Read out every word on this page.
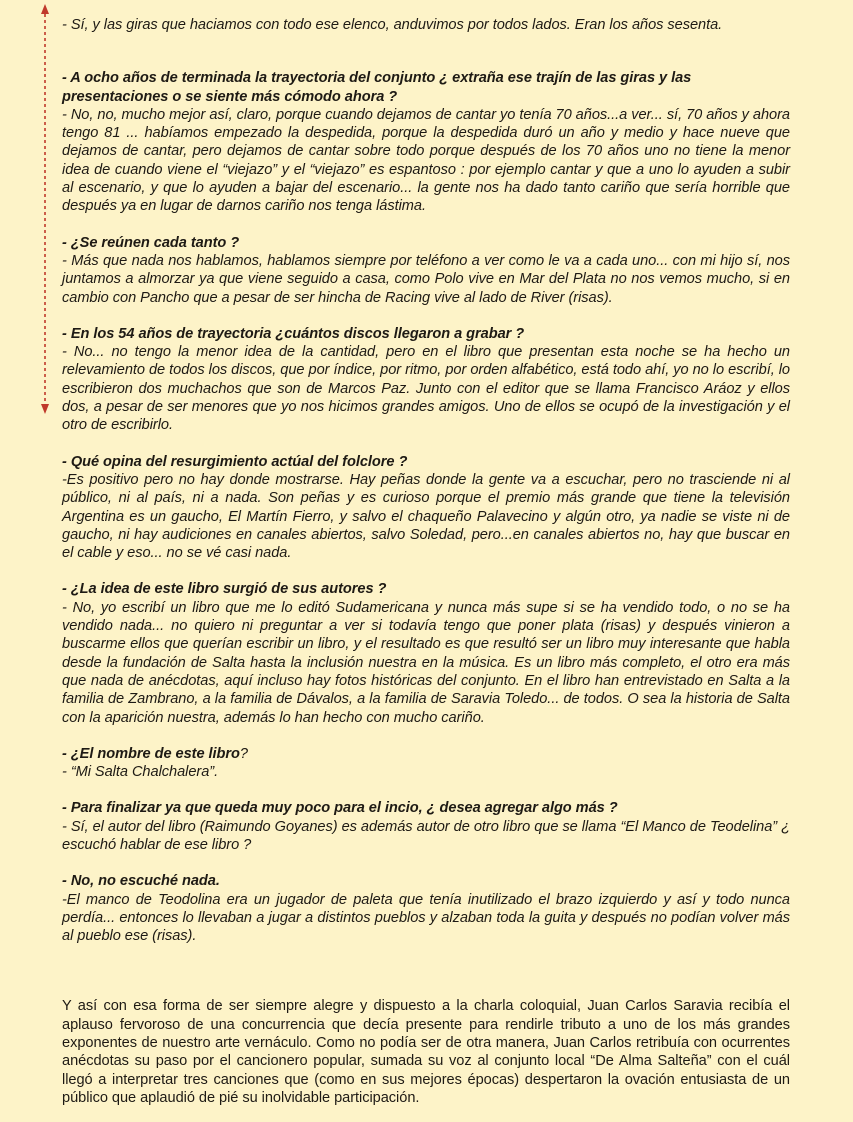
- Sí, y las giras que haciamos con todo ese elenco, anduvimos por todos lados. Eran los años sesenta.

- A ocho años de terminada la trayectoria del conjunto ¿ extraña ese trajín de las giras y las presentaciones o se siente más cómodo ahora ?

- No, no, mucho mejor así, claro, porque cuando dejamos de cantar yo tenía 70 años...a ver... sí, 70 años y ahora tengo 81 ... habíamos empezado la despedida, porque la despedida duró un año y medio y hace nueve que dejamos de cantar, pero dejamos de cantar sobre todo porque después de los 70 años uno no tiene la menor idea de cuando viene el “viejazo” y el “viejazo” es espantoso : por ejemplo cantar y que a uno lo ayuden a subir al escenario, y que lo ayuden a bajar del escenario... la gente nos ha dado tanto cariño que sería horrible que después ya en lugar de darnos cariño nos tenga lástima.

- ¿Se reúnen cada tanto ?

- Más que nada nos hablamos, hablamos siempre por teléfono a ver como le va a cada uno... con mi hijo sí, nos juntamos a almorzar ya que viene seguido a casa, como Polo vive en Mar del Plata no nos vemos mucho, si en cambio con Pancho que a pesar de ser hincha de Racing vive al lado de River (risas).

- En los 54 años de trayectoria ¿cuántos discos llegaron a grabar ?

- No... no tengo la menor idea de la cantidad, pero en el libro que presentan esta noche se ha hecho un relevamiento de todos los discos, que por índice, por ritmo, por orden alfabético, está todo ahí, yo no lo escribí, lo escribieron dos muchachos que son de Marcos Paz. Junto con el editor que se llama Francisco Aráoz y ellos dos, a pesar de ser menores que yo nos hicimos grandes amigos. Uno de ellos se ocupó de la investigación y el otro de escribirlo.

- Qué opina del resurgimiento actúal del folclore ?

-Es positivo pero no hay donde mostrarse. Hay peñas donde la gente va a escuchar, pero no trasciende ni al público, ni al país, ni a nada. Son peñas y es curioso porque el premio más grande que tiene la televisión Argentina es un gaucho, El Martín Fierro, y salvo el chaqueño Palavecino y algún otro, ya nadie se viste ni de gaucho, ni hay audiciones en canales abiertos, salvo Soledad, pero...en canales abiertos no, hay que buscar en el cable y eso... no se vé casi nada.

- ¿La idea de este libro surgió de sus autores ?

- No, yo escribí un libro que me lo editó Sudamericana y nunca más supe si se ha vendido todo, o no se ha vendido nada... no quiero ni preguntar a ver si todavía tengo que poner plata (risas) y después vinieron a buscarme ellos que querían escribir un libro, y el resultado es que resultó ser un libro muy interesante que habla desde la fundación de Salta hasta la inclusión nuestra en la música. Es un libro más completo, el otro era más que nada de anécdotas, aquí incluso hay fotos históricas del conjunto. En el libro han entrevistado en Salta a la familia de Zambrano, a la familia de Dávalos, a la familia de Saravia Toledo... de todos. O sea la historia de Salta con la aparición nuestra, además lo han hecho con mucho cariño.

- ¿El nombre de este libro?

- “Mi Salta Chalchalera”.

- Para finalizar ya que queda muy poco para el incio, ¿ desea agregar algo más ?

- Sí, el autor del libro (Raimundo Goyanes) es además autor de otro libro que se llama “El Manco de Teodelina” ¿ escuchó hablar de ese libro ?

- No, no escuché nada.

-El manco de Teodolina era un jugador de paleta que tenía inutilizado el brazo izquierdo y así y todo nunca perdía... entonces lo llevaban a jugar a distintos pueblos y alzaban toda la guita y después no podían volver más al pueblo ese (risas).

Y así con esa forma de ser siempre alegre y dispuesto a la charla coloquial, Juan Carlos Saravia recibía el aplauso fervoroso de una concurrencia que decía presente para rendirle tributo a uno de los más grandes exponentes de nuestro arte vernáculo. Como no podía ser de otra manera, Juan Carlos retribuía con ocurrentes anécdotas su paso por el cancionero popular, sumada su voz al conjunto local “De Alma Salteña” con el cuál llegó a interpretar tres canciones que (como en sus mejores épocas) despertaron la ovación entusiasta de un público que aplaudió de pié su inolvidable participación.
